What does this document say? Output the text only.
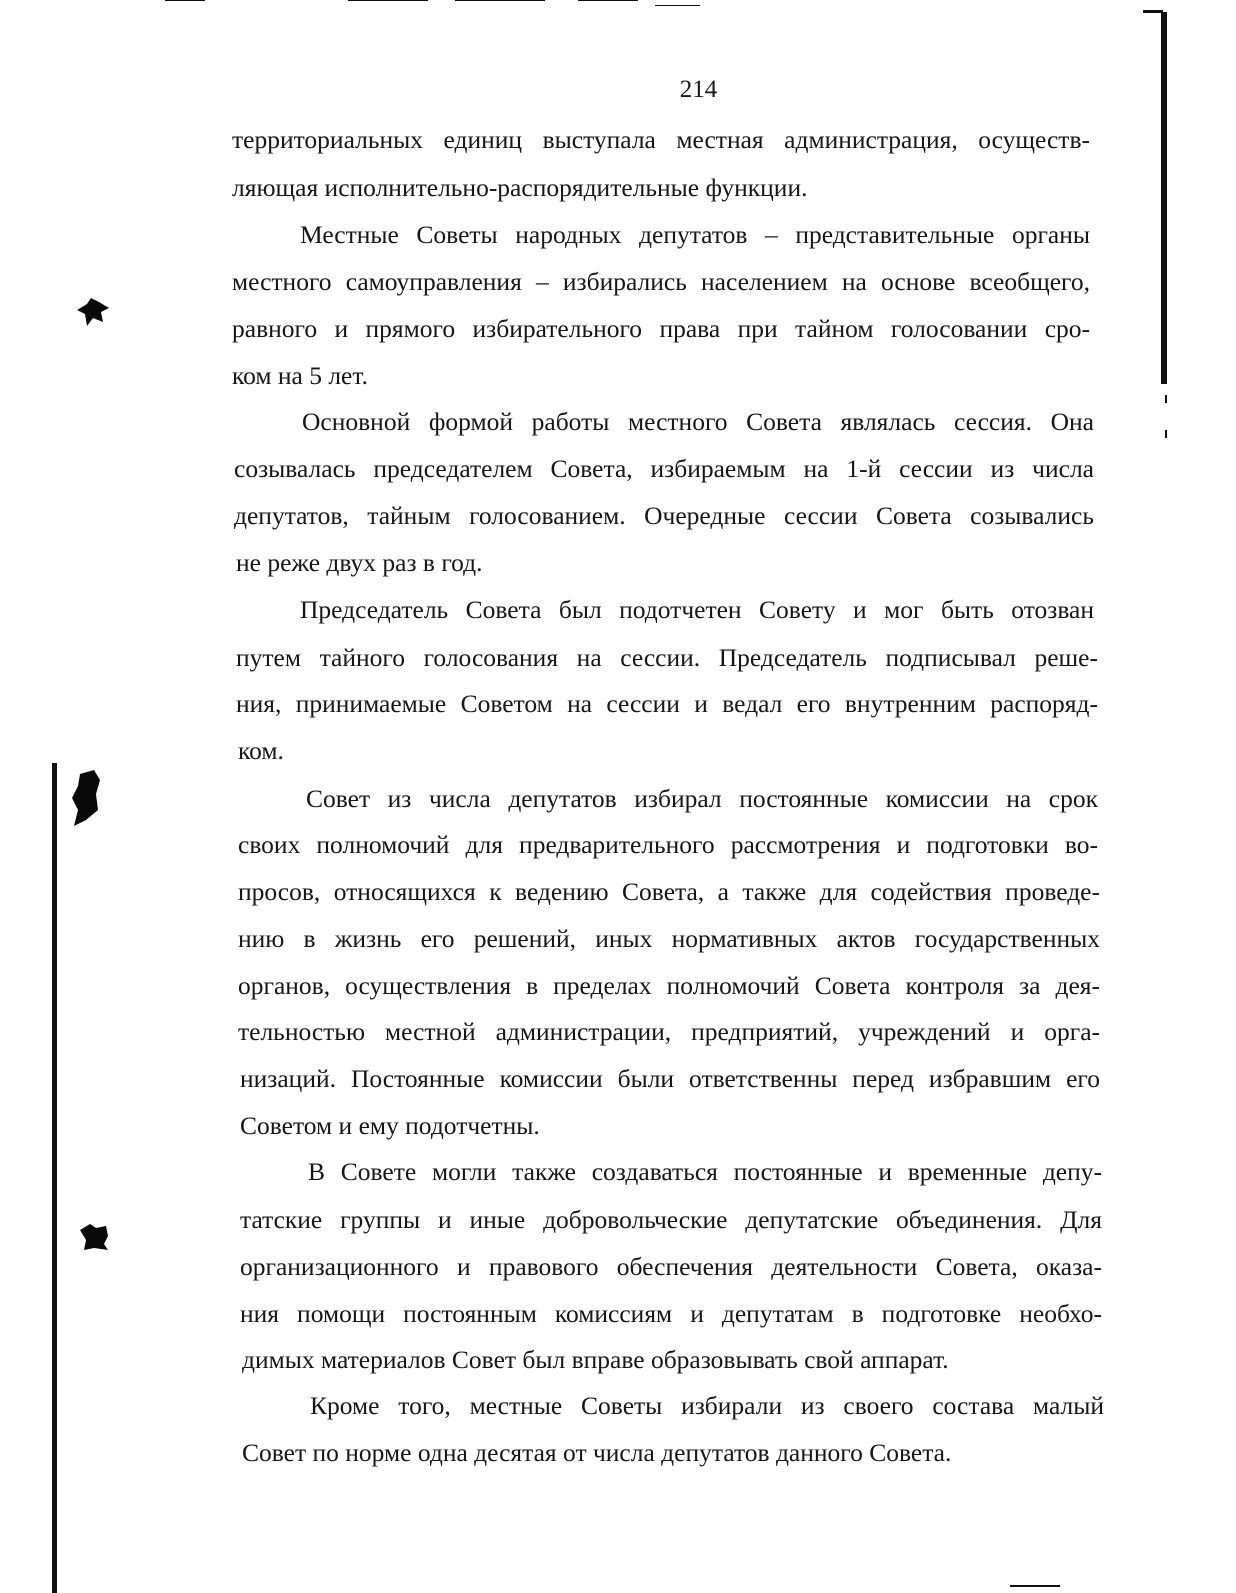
214
территориальных единиц выступала местная администрация, осуществ-
ляющая исполнительно-распорядительные функции.
Местные Советы народных депутатов – представительные органы
местного самоуправления – избирались населением на основе всеобщего,
равного и прямого избирательного права при тайном голосовании сро-
ком на 5 лет.
Основной формой работы местного Совета являлась сессия. Она
созывалась председателем Совета, избираемым на 1-й сессии из числа
депутатов, тайным голосованием. Очередные сессии Совета созывались
не реже двух раз в год.
Председатель Совета был подотчетен Совету и мог быть отозван
путем тайного голосования на сессии. Председатель подписывал реше-
ния, принимаемые Советом на сессии и ведал его внутренним распоряд-
ком.
Совет из числа депутатов избирал постоянные комиссии на срок
своих полномочий для предварительного рассмотрения и подготовки во-
просов, относящихся к ведению Совета, а также для содействия проведе-
нию в жизнь его решений, иных нормативных актов государственных
органов, осуществления в пределах полномочий Совета контроля за дея-
тельностью местной администрации, предприятий, учреждений и орга-
низаций. Постоянные комиссии были ответственны перед избравшим его
Советом и ему подотчетны.
В Совете могли также создаваться постоянные и временные депу-
татские группы и иные добровольческие депутатские объединения. Для
организационного и правового обеспечения деятельности Совета, оказа-
ния помощи постоянным комиссиям и депутатам в подготовке необхо-
димых материалов Совет был вправе образовывать свой аппарат.
Кроме того, местные Советы избирали из своего состава малый
Совет по норме одна десятая от числа депутатов данного Совета.
